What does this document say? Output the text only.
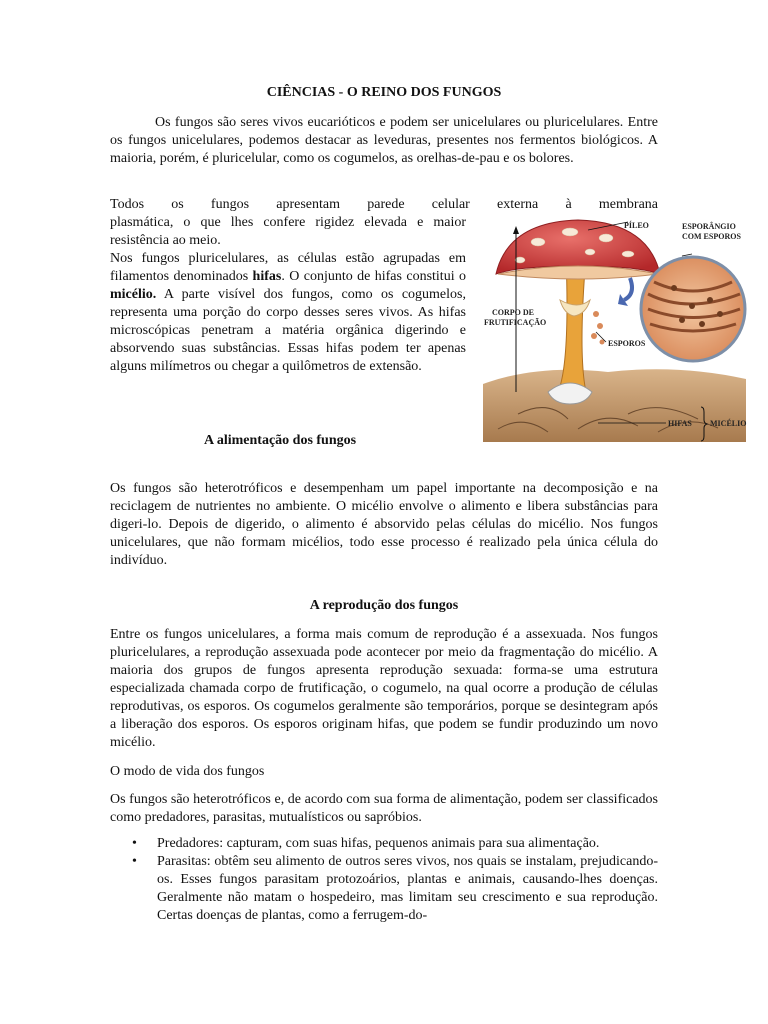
CIÊNCIAS - O REINO DOS FUNGOS

Os fungos são seres vivos eucarióticos e podem ser unicelulares ou pluricelulares. Entre os fungos unicelulares, podemos destacar as leveduras, presentes nos fermentos biológicos. A maioria, porém, é pluricelular, como os cogumelos, as orelhas-de-pau e os bolores.

Todos os fungos apresentam parede celular externa à membrana

plasmática, o que lhes confere rigidez elevada e maior resistência ao meio.

Nos fungos pluricelulares, as células estão agrupadas em filamentos denominados hifas. O conjunto de hifas constitui o micélio. A parte visível dos fungos, como os cogumelos, representa uma porção do corpo desses seres vivos. As hifas microscópicas penetram a matéria orgânica digerindo e absorvendo suas substâncias. Essas hifas podem ter apenas alguns milímetros ou chegar a quilômetros de extensão.

PÍLEO	ESPORÂNGIO
COM ESPOROS
CORPO DE
FRUTIFICAÇÃO
ESPOROS
HIFAS MICÉLIO
A alimentação dos fungos

Os fungos são heterotróficos e desempenham um papel importante na decomposição e na reciclagem de nutrientes no ambiente. O micélio envolve o alimento e libera substâncias para digeri-lo. Depois de digerido, o alimento é absorvido pelas células do micélio. Nos fungos unicelulares, que não formam micélios, todo esse processo é realizado pela única célula do indivíduo.

A reprodução dos fungos

Entre os fungos unicelulares, a forma mais comum de reprodução é a assexuada. Nos fungos pluricelulares, a reprodução assexuada pode acontecer por meio da fragmentação do micélio. A maioria dos grupos de fungos apresenta reprodução sexuada: forma-se uma estrutura especializada chamada corpo de frutificação, o cogumelo, na qual ocorre a produção de células reprodutivas, os esporos. Os cogumelos geralmente são temporários, porque se desintegram após a liberação dos esporos. Os esporos originam hifas, que podem se fundir produzindo um novo micélio.

O modo de vida dos fungos

Os fungos são heterotróficos e, de acordo com sua forma de alimentação, podem ser classificados como predadores, parasitas, mutualísticos ou sapróbios.

• Predadores: capturam, com suas hifas, pequenos animais para sua alimentação.
• Parasitas: obtêm seu alimento de outros seres vivos, nos quais se instalam, prejudicando-os. Esses fungos parasitam protozoários, plantas e animais, causando-lhes doenças. Geralmente não matam o hospedeiro, mas limitam seu crescimento e sua reprodução. Certas doenças de plantas, como a ferrugem-do-
